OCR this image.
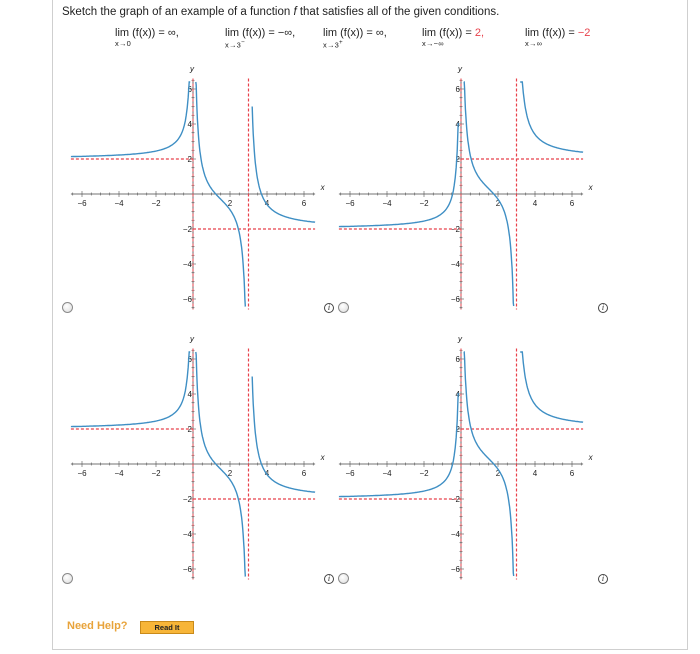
Sketch the graph of an example of a function f that satisfies all of the given conditions.
lim (f(x)) = ∞,
x→0
lim (f(x)) = −∞,
x→3−
lim (f(x)) = ∞,
x→3+
lim (f(x)) = 2,
x→−∞
lim (f(x)) = −2
x→∞
−6	−4	−2	2	4	6
2
4
6
−2
−4
−6
x
y
−6	−4	−2	2	4	6
2
4
6
−2
−4
−6
x
y
−6	−4	−2	2	4	6
2
4
6
−2
−4
−6
x
y
−6	−4	−2	2	4	6
2
4
6
−2
−4
−6
x
y
i	i
i	i
Need Help?	Read It
